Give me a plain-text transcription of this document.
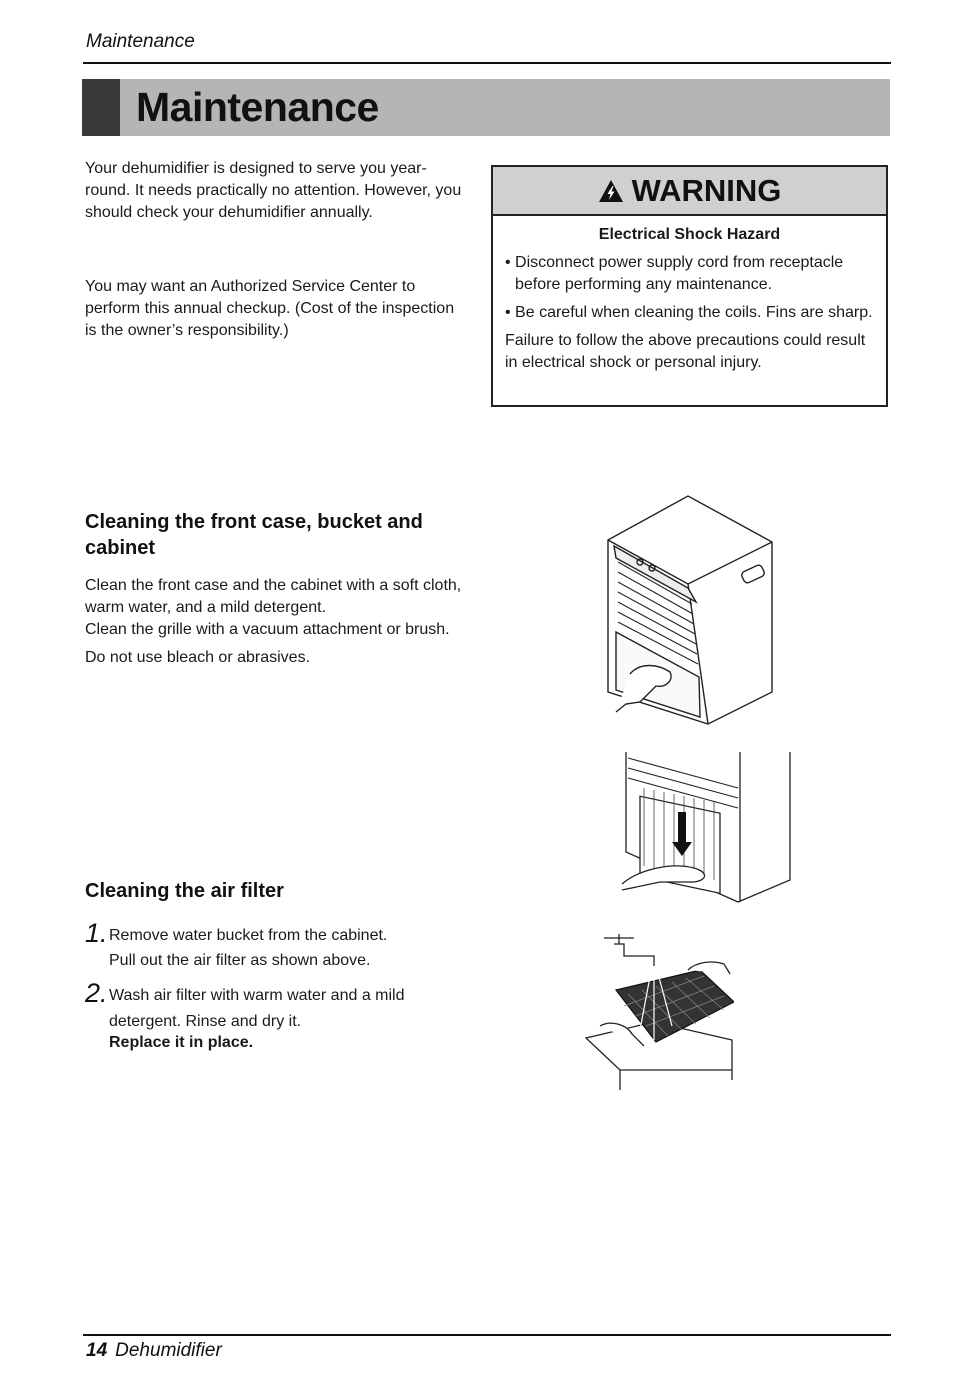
Maintenance
Maintenance

Your dehumidifier is designed to serve you year-round. It needs practically no attention. However, you should check your dehumidifier annually.

You may want an Authorized Service Center to perform this annual checkup. (Cost of the inspection is the owner’s responsibility.)

WARNING

Electrical Shock Hazard

• Disconnect power supply cord from receptacle before performing any maintenance.

• Be careful when cleaning the coils. Fins are sharp.

Failure to follow the above precautions could result in electrical shock or personal injury.

Cleaning the front case, bucket and cabinet

Clean the front case and the cabinet with a soft cloth, warm water, and a mild detergent.

Clean the grille with a vacuum attachment or brush.

Do not use bleach or abrasives.

Cleaning the air filter
1. Remove water bucket from the cabinet.
Pull out the air filter as shown above.
2. Wash air filter with warm water and a mild
detergent. Rinse and dry it.
Replace it in place.
14 Dehumidifier
